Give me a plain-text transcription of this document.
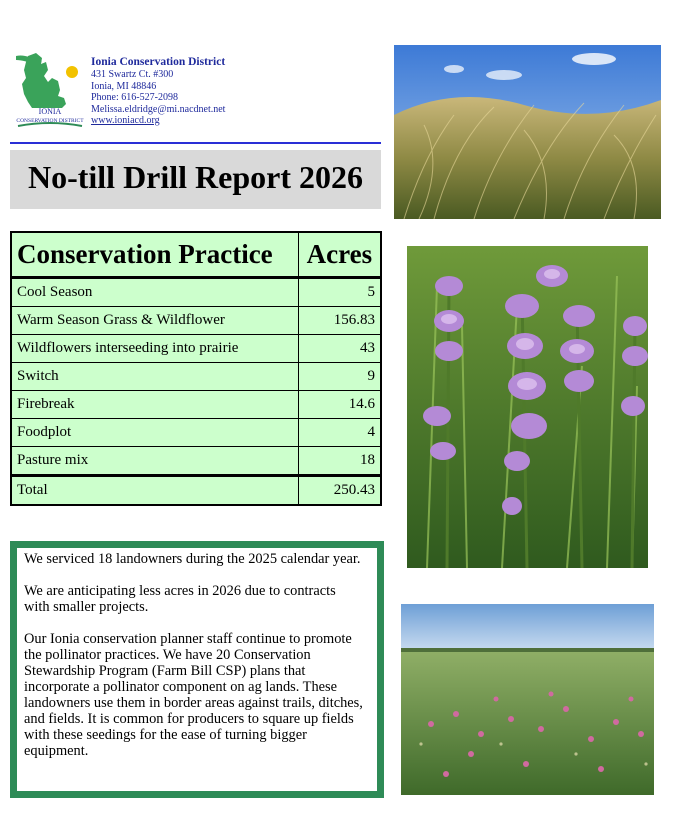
IONIA
CONSERVATION DISTRICT
Ionia Conservation District
431 Swartz Ct. #300
Ionia, MI 48846
Phone: 616-527-2098
Melissa.eldridge@mi.nacdnet.net
www.ioniacd.org
No-till Drill Report 2026
Conservation Practice	Acres
Cool Season	5
Warm Season Grass & Wildflower	156.83
Wildflowers interseeding into prairie	43
Switch	9
Firebreak	14.6
Foodplot	4
Pasture mix	18
Total	250.43

We serviced 18 landowners during the 2025 calendar year.

We are anticipating less acres in 2026 due to contracts with smaller projects.

Our Ionia conservation planner staff continue to promote the pollinator practices. We have 20 Conservation Stewardship Program (Farm Bill CSP) plans that incorporate a pollinator component on ag lands. These landowners use them in border areas against trails, ditches, and fields. It is common for producers to square up fields with these seedings for the ease of turning bigger equipment.
